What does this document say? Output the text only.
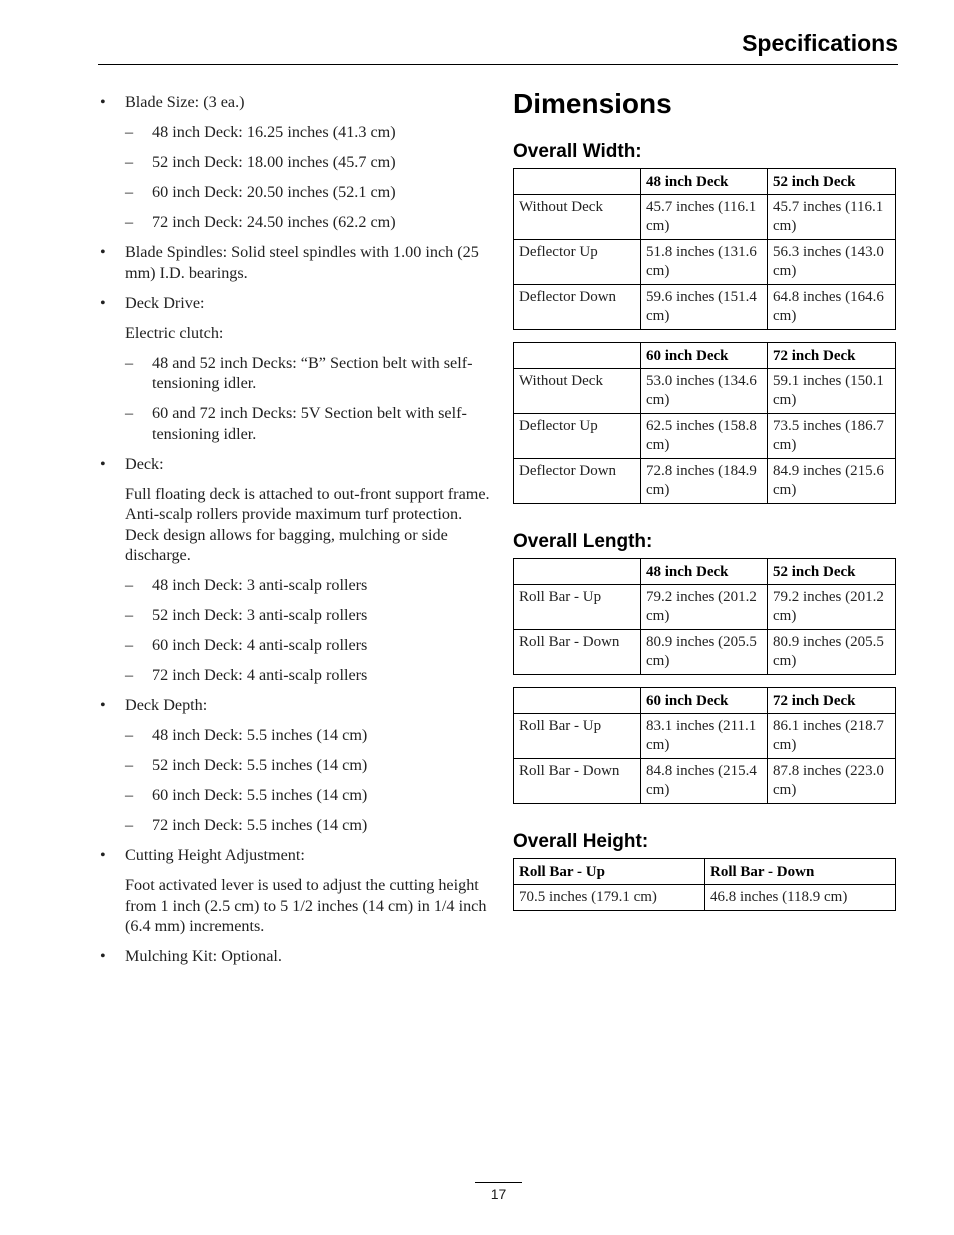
Specifications
• Blade Size: (3 ea.)
– 48 inch Deck: 16.25 inches (41.3 cm)
– 52 inch Deck: 18.00 inches (45.7 cm)
– 60 inch Deck: 20.50 inches (52.1 cm)
– 72 inch Deck: 24.50 inches (62.2 cm)
• Blade Spindles: Solid steel spindles with 1.00 inch (25 mm) I.D. bearings.
• Deck Drive:
Electric clutch:
– 48 and 52 inch Decks: “B” Section belt with self-tensioning idler.
– 60 and 72 inch Decks: 5V Section belt with self-tensioning idler.
• Deck:
Full floating deck is attached to out-front support frame. Anti-scalp rollers provide maximum turf protection. Deck design allows for bagging, mulching or side discharge.
– 48 inch Deck: 3 anti-scalp rollers
– 52 inch Deck: 3 anti-scalp rollers
– 60 inch Deck: 4 anti-scalp rollers
– 72 inch Deck: 4 anti-scalp rollers
• Deck Depth:
– 48 inch Deck: 5.5 inches (14 cm)
– 52 inch Deck: 5.5 inches (14 cm)
– 60 inch Deck: 5.5 inches (14 cm)
– 72 inch Deck: 5.5 inches (14 cm)
• Cutting Height Adjustment:
Foot activated lever is used to adjust the cutting height from 1 inch (2.5 cm) to 5 1/2 inches (14 cm) in 1/4 inch (6.4 mm) increments.
• Mulching Kit: Optional.
Dimensions
Overall Width:
	48 inch Deck	52 inch Deck
Without Deck	45.7 inches (116.1 cm)	45.7 inches (116.1 cm)
Deflector Up	51.8 inches (131.6 cm)	56.3 inches (143.0 cm)
Deflector Down	59.6 inches (151.4 cm)	64.8 inches (164.6 cm)
	60 inch Deck	72 inch Deck
Without Deck	53.0 inches (134.6 cm)	59.1 inches (150.1 cm)
Deflector Up	62.5 inches (158.8 cm)	73.5 inches (186.7 cm)
Deflector Down	72.8 inches (184.9 cm)	84.9 inches (215.6 cm)
Overall Length:
	48 inch Deck	52 inch Deck
Roll Bar - Up	79.2 inches (201.2 cm)	79.2 inches (201.2 cm)
Roll Bar - Down	80.9 inches (205.5 cm)	80.9 inches (205.5 cm)
	60 inch Deck	72 inch Deck
Roll Bar - Up	83.1 inches (211.1 cm)	86.1 inches (218.7 cm)
Roll Bar - Down	84.8 inches (215.4 cm)	87.8 inches (223.0 cm)
Overall Height:
Roll Bar - Up	Roll Bar - Down
70.5 inches (179.1 cm)	46.8 inches (118.9 cm)
17
